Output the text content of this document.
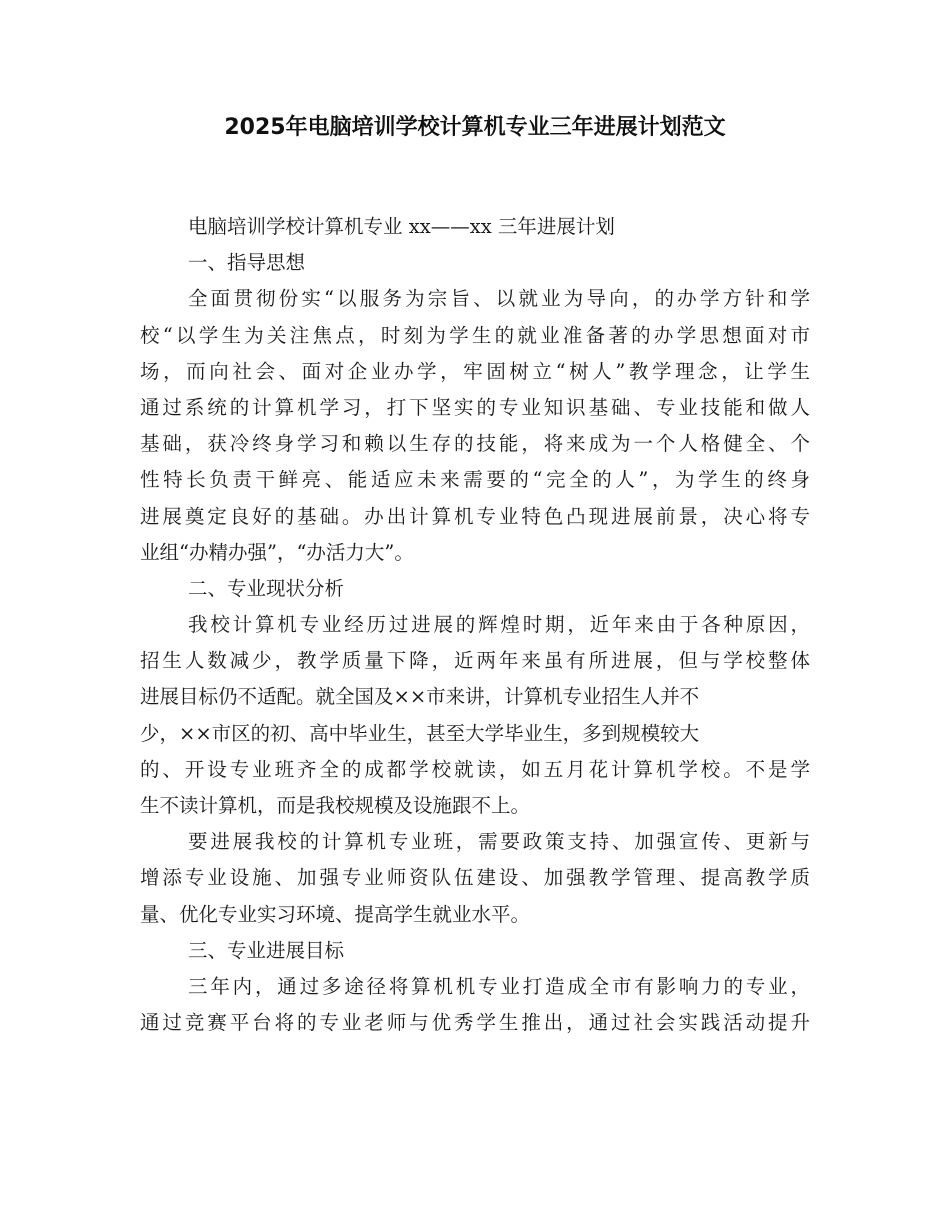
2025年电脑培训学校计算机专业三年进展计划范文
电脑培训学校计算机专业 xx——xx 三年进展计划
一、指导思想
全面贯彻份实“以服务为宗旨、以就业为导向，的办学方针和学
校“以学生为关注焦点，时刻为学生的就业准备著的办学思想面对市
场，而向社会、面对企业办学，牢固树立“树人”教学理念，让学生
通过系统的计算机学习，打下坚实的专业知识基础、专业技能和做人
基础，获冷终身学习和赖以生存的技能，将来成为一个人格健全、个
性特长负责干鲜亮、能适应未来需要的“完全的人”，为学生的终身
进展奠定良好的基础。办出计算机专业特色凸现进展前景，决心将专
业组“办精办强”，“办活力大”。
二、专业现状分析
我校计算机专业经历过进展的辉煌时期，近年来由于各种原因，
招生人数减少，教学质量下降，近两年来虽有所进展，但与学校整体
进展目标仍不适配。就全国及××市来讲，计算机专业招生人并不
少，××市区的初、高中毕业生，甚至大学毕业生，多到规模较大
的、开设专业班齐全的成都学校就读，如五月花计算机学校。不是学
生不读计算机，而是我校规模及设施跟不上。
要进展我校的计算机专业班，需要政策支持、加强宣传、更新与
增添专业设施、加强专业师资队伍建设、加强教学管理、提高教学质
量、优化专业实习环境、提高学生就业水平。
三、专业进展目标
三年内，通过多途径将算机机专业打造成全市有影响力的专业，
通过竞赛平台将的专业老师与优秀学生推出，通过社会实践活动提升
